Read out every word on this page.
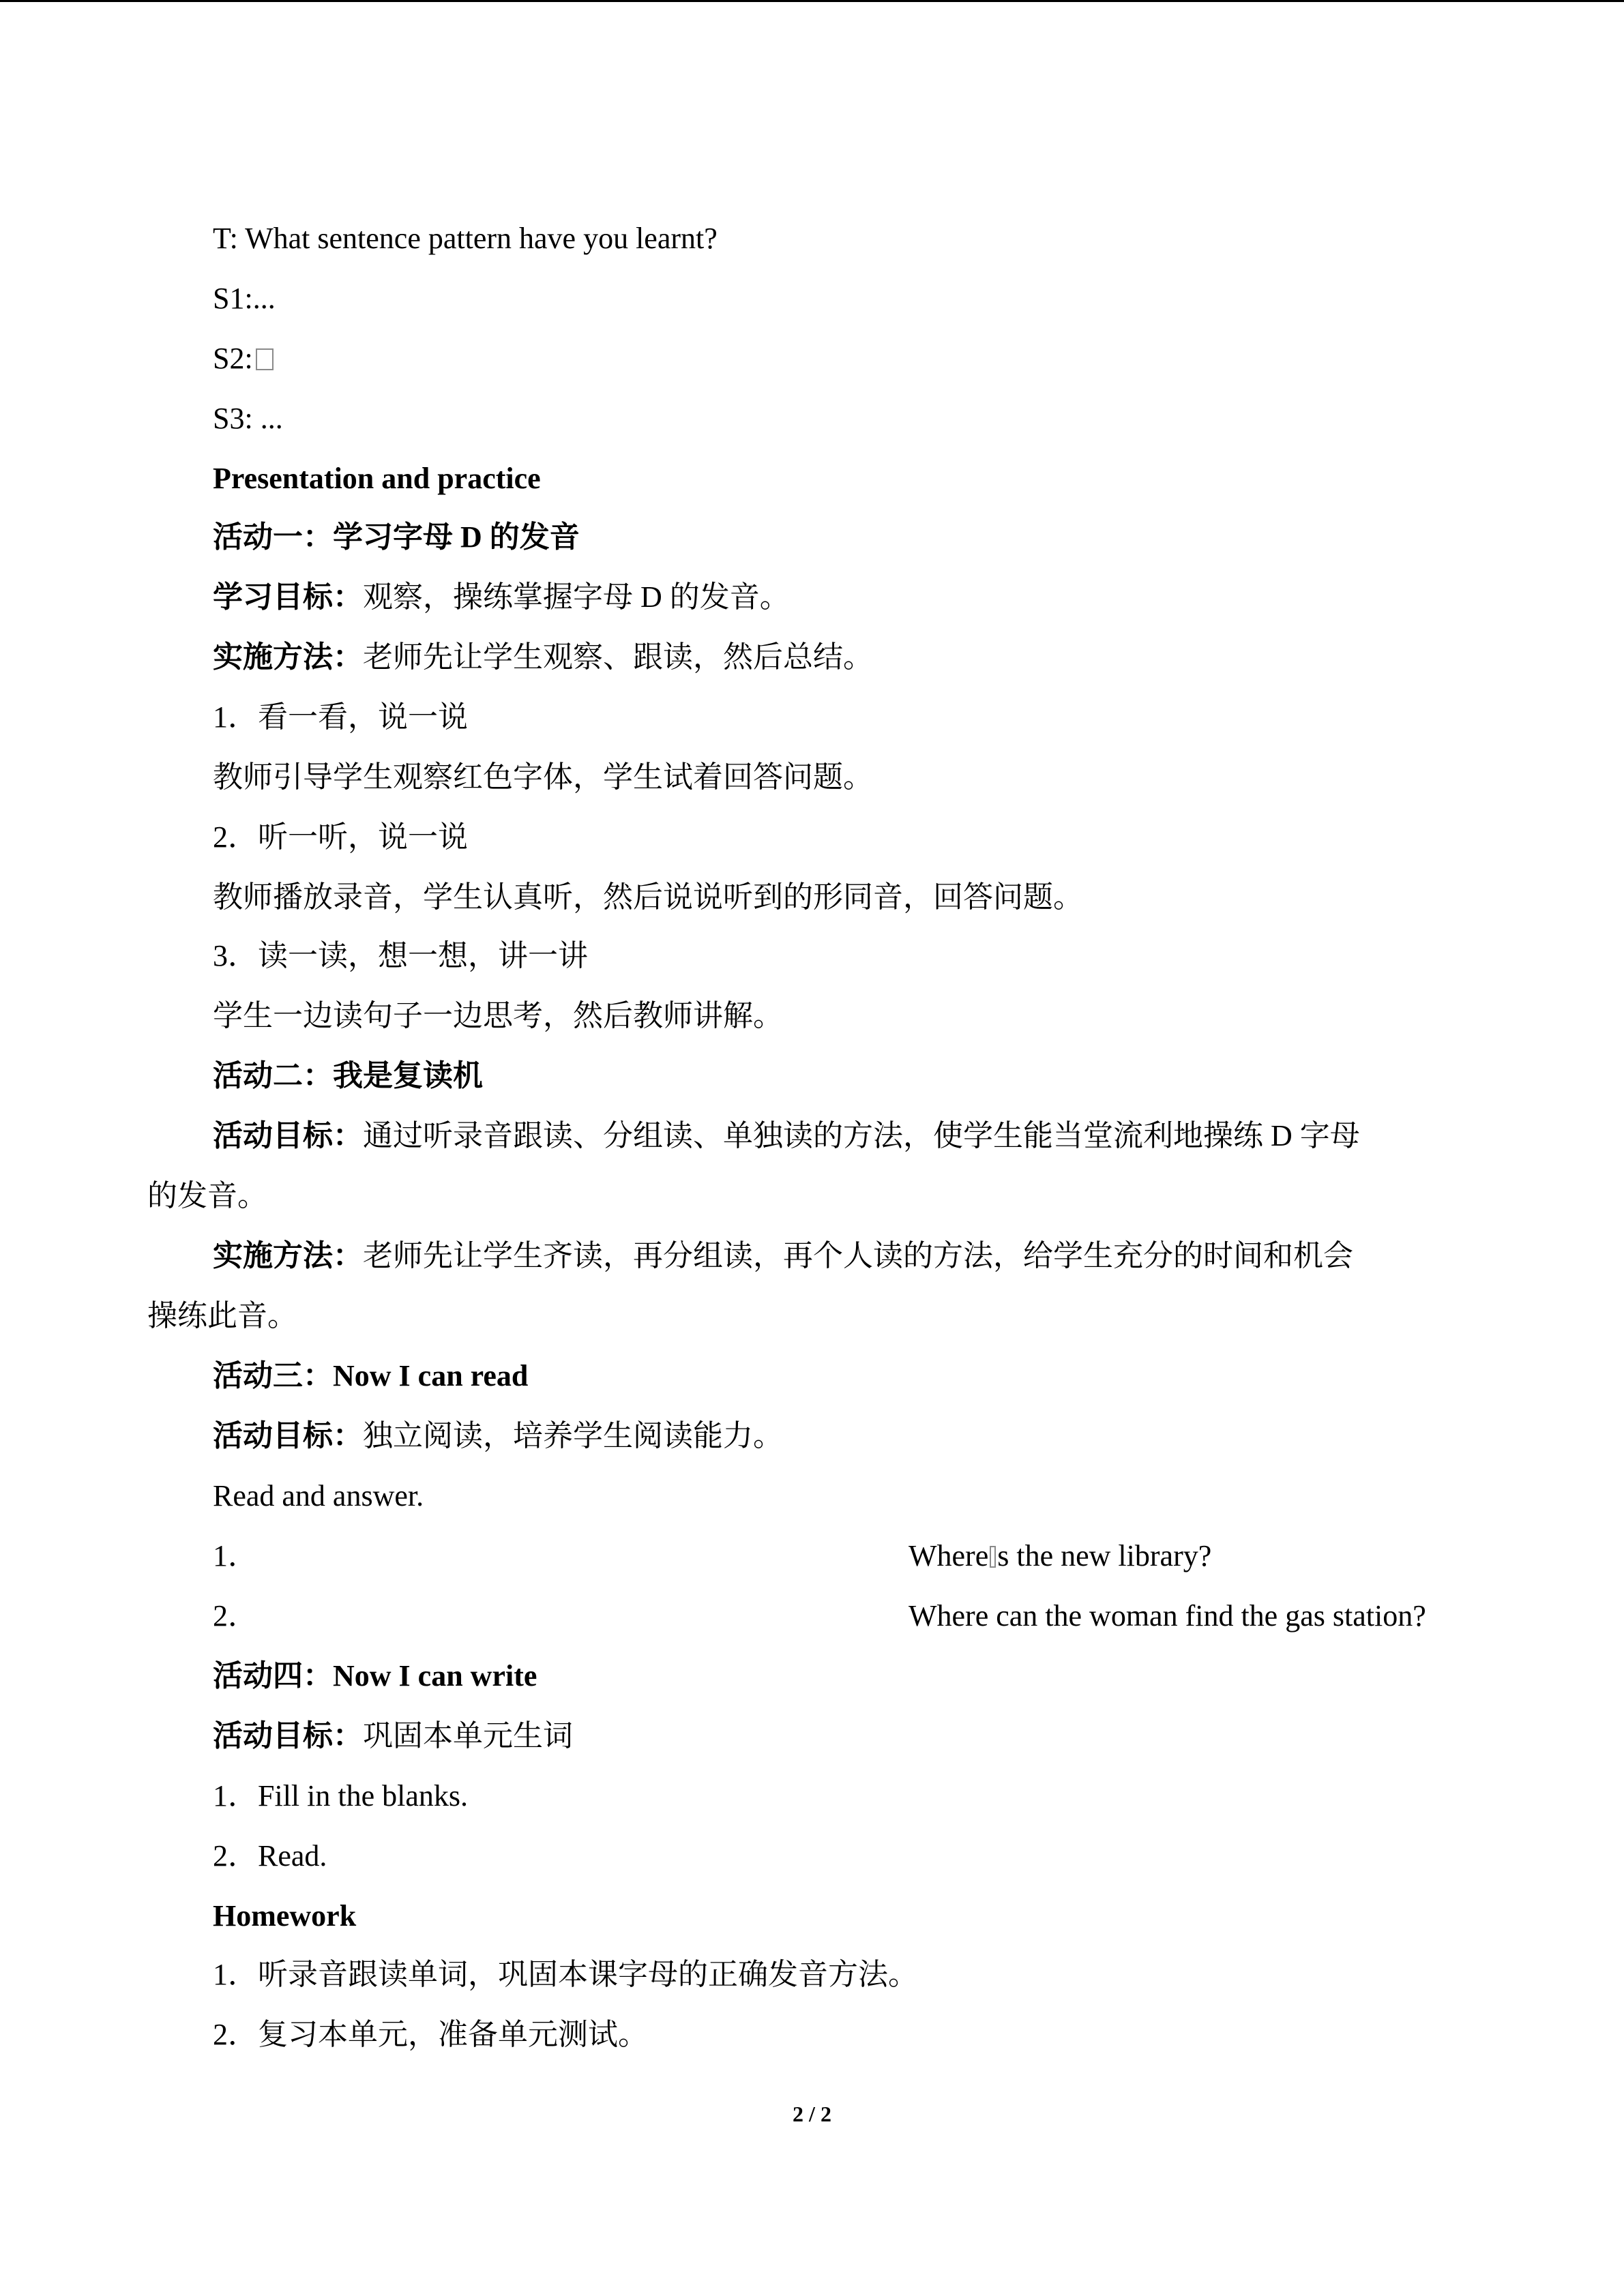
T: What sentence pattern have you learnt?
S1:...
S2:
S3: ...
Presentation and practice
活动一：学习字母 D 的发音
学习目标：观察，操练掌握字母 D 的发音。
实施方法：老师先让学生观察、跟读，然后总结。
1．看一看，说一说
教师引导学生观察红色字体，学生试着回答问题。
2．听一听，说一说
教师播放录音，学生认真听，然后说说听到的形同音，回答问题。
3．读一读，想一想，讲一讲
学生一边读句子一边思考，然后教师讲解。
活动二：我是复读机
活动目标：通过听录音跟读、分组读、单独读的方法，使学生能当堂流利地操练 D 字母
的发音。
实施方法：老师先让学生齐读，再分组读，再个人读的方法，给学生充分的时间和机会
操练此音。
活动三：Now I can read
活动目标：独立阅读，培养学生阅读能力。
Read and answer.
1．	Where s the new library?
2．	Where can the woman find the gas station?
活动四：Now I can write
活动目标：巩固本单元生词
1．Fill in the blanks.
2．Read.
Homework
1．听录音跟读单词，巩固本课字母的正确发音方法。
2．复习本单元，准备单元测试。
2 / 2
